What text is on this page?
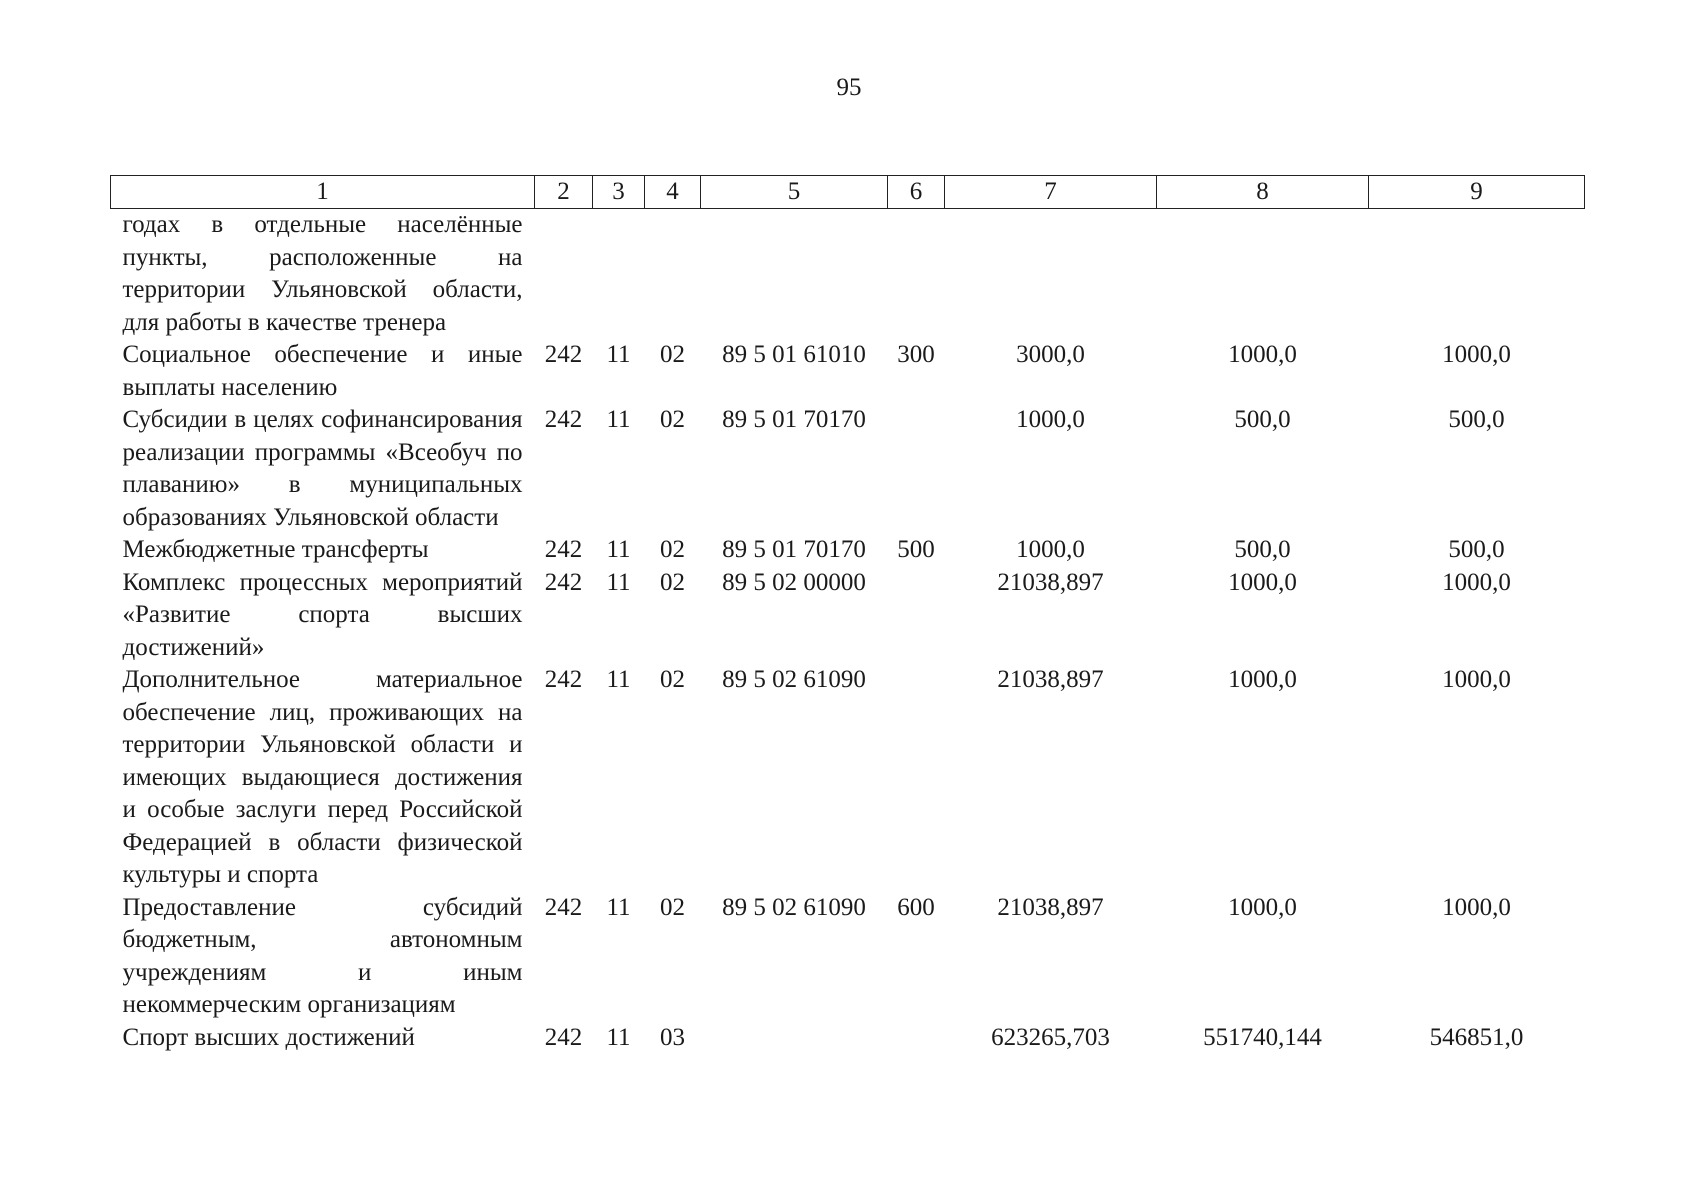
95
1	2	3	4	5	6	7	8	9
годах в отдельные населённые пункты, расположенные на территории Ульяновской области, для работы в качестве тренера								
Социальное обеспечение и иные выплаты населению	242	11	02	89 5 01 61010	300	3000,0	1000,0	1000,0
Субсидии в целях софинансирования реализации программы «Всеобуч по плаванию» в муниципальных образованиях Ульяновской области	242	11	02	89 5 01 70170		1000,0	500,0	500,0
Межбюджетные трансферты	242	11	02	89 5 01 70170	500	1000,0	500,0	500,0
Комплекс процессных мероприятий «Развитие спорта высших достижений»	242	11	02	89 5 02 00000		21038,897	1000,0	1000,0
Дополнительное материальное обеспечение лиц, проживающих на территории Ульяновской области и имеющих выдающиеся достижения и особые заслуги перед Российской Федерацией в области физической культуры и спорта	242	11	02	89 5 02 61090		21038,897	1000,0	1000,0
Предоставление субсидий бюджетным, автономным учреждениям и иным некоммерческим организациям	242	11	02	89 5 02 61090	600	21038,897	1000,0	1000,0
Спорт высших достижений	242	11	03			623265,703	551740,144	546851,0
